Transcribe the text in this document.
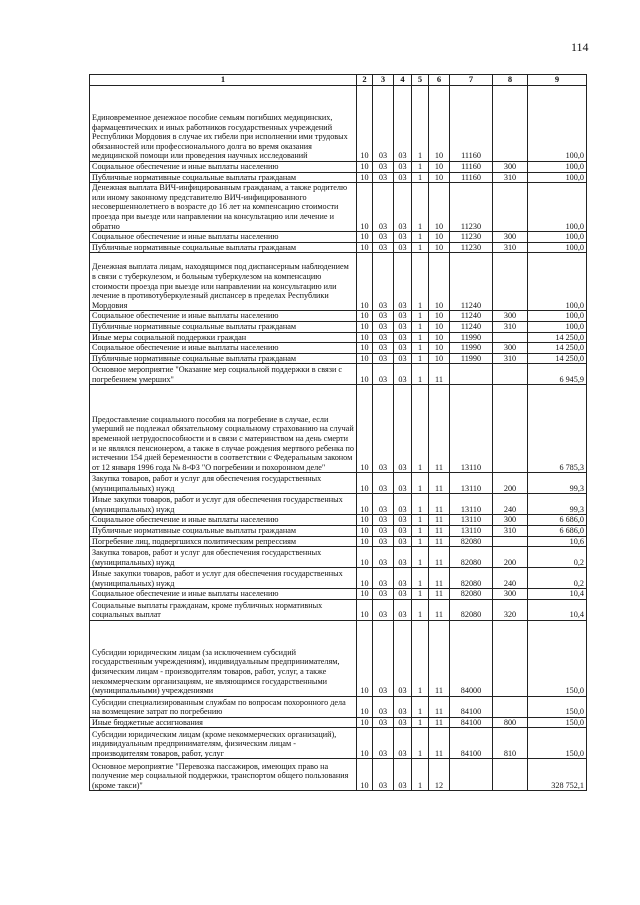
114
1	2	3	4	5	6	7	8	9
Единовременное денежное пособие семьям погибших медицинских, фармацевтических и иных работников государственных учреждений Республики Мордовия в случае их гибели при исполнении ими трудовых обязанностей или профессионального долга во время оказания медицинской помощи или проведения научных исследований	10	03	03	1	10	11160		100,0
Социальное обеспечение и иные выплаты населению	10	03	03	1	10	11160	300	100,0
Публичные нормативные социальные выплаты гражданам	10	03	03	1	10	11160	310	100,0
Денежная выплата ВИЧ-инфицированным гражданам, а также родителю или иному законному представителю ВИЧ-инфицированного несовершеннолетнего в возрасте до 16 лет на компенсацию стоимости проезда при выезде или направлении на консультацию или лечение и обратно	10	03	03	1	10	11230		100,0
Социальное обеспечение и иные выплаты населению	10	03	03	1	10	11230	300	100,0
Публичные нормативные социальные выплаты гражданам	10	03	03	1	10	11230	310	100,0
Денежная выплата лицам, находящимся под диспансерным наблюдением в связи с туберкулезом, и больным туберкулезом на компенсацию стоимости проезда при выезде или направлении на консультацию или лечение в противотуберкулезный диспансер в пределах Республики Мордовия	10	03	03	1	10	11240		100,0
Социальное обеспечение и иные выплаты населению	10	03	03	1	10	11240	300	100,0
Публичные нормативные социальные выплаты гражданам	10	03	03	1	10	11240	310	100,0
Иные меры социальной поддержки граждан	10	03	03	1	10	11990		14 250,0
Социальное обеспечение и иные выплаты населению	10	03	03	1	10	11990	300	14 250,0
Публичные нормативные социальные выплаты гражданам	10	03	03	1	10	11990	310	14 250,0
Основное мероприятие "Оказание мер социальной поддержки в связи с погребением умерших"	10	03	03	1	11			6 945,9
Предоставление социального пособия на погребение в случае, если умерший не подлежал обязательному социальному страхованию на случай временной нетрудоспособности и в связи с материнством на день смерти и не являлся пенсионером, а также в случае рождения мертвого ребенка по истечении 154 дней беременности в соответствии с Федеральным законом от 12 января 1996 года № 8-ФЗ "О погребении и похоронном деле"	10	03	03	1	11	13110		6 785,3
Закупка товаров, работ и услуг для обеспечения государственных (муниципальных) нужд	10	03	03	1	11	13110	200	99,3
Иные закупки товаров, работ и услуг для обеспечения государственных (муниципальных) нужд	10	03	03	1	11	13110	240	99,3
Социальное обеспечение и иные выплаты населению	10	03	03	1	11	13110	300	6 686,0
Публичные нормативные социальные выплаты гражданам	10	03	03	1	11	13110	310	6 686,0
Погребение лиц, подвергшихся политическим репрессиям	10	03	03	1	11	82080		10,6
Закупка товаров, работ и услуг для обеспечения государственных (муниципальных) нужд	10	03	03	1	11	82080	200	0,2
Иные закупки товаров, работ и услуг для обеспечения государственных (муниципальных) нужд	10	03	03	1	11	82080	240	0,2
Социальное обеспечение и иные выплаты населению	10	03	03	1	11	82080	300	10,4
Социальные выплаты гражданам, кроме публичных нормативных социальных выплат	10	03	03	1	11	82080	320	10,4
Субсидии юридическим лицам (за исключением субсидий государственным учреждениям), индивидуальным предпринимателям, физическим лицам - производителям товаров, работ, услуг, а также некоммерческим организациям, не являющимся государственными (муниципальными) учреждениями	10	03	03	1	11	84000		150,0
Субсидии специализированным службам по вопросам похоронного дела на возмещение затрат по погребению	10	03	03	1	11	84100		150,0
Иные бюджетные ассигнования	10	03	03	1	11	84100	800	150,0
Субсидии юридическим лицам (кроме некоммерческих организаций), индивидуальным предпринимателям, физическим лицам - производителям товаров, работ, услуг	10	03	03	1	11	84100	810	150,0
Основное мероприятие "Перевозка пассажиров, имеющих право на получение мер социальной поддержки, транспортом общего пользования (кроме такси)"	10	03	03	1	12			328 752,1
